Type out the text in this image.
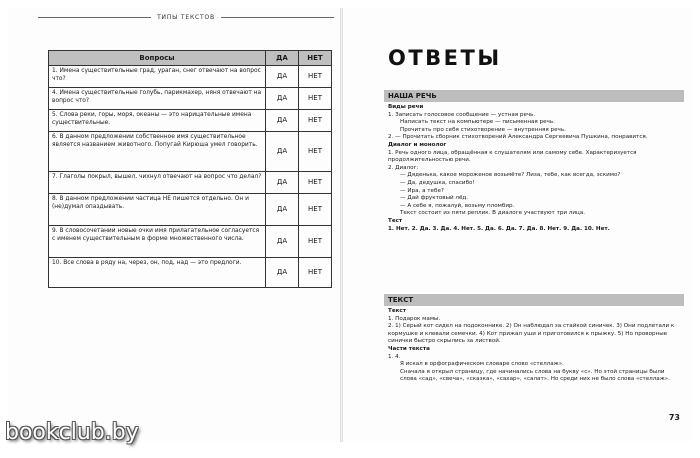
ТИПЫ ТЕКСТОВ
Вопросы	ДА	НЕТ
1. Имена существительные град, ураган, снег отвечают на вопрос что?	ДА	НЕТ
4. Имена существительные голубь, парикмахер, няня отвечают на вопрос что?	ДА	НЕТ
5. Слова реки, горы, моря, океаны — это нарицательные имена существительные.	ДА	НЕТ
6. В данном предложении собственное имя существительное является названием животного. Попугай Кирюша умел говорить.	ДА	НЕТ
7. Глаголы покрыл, вышел, чихнул отвечают на вопрос что делал?	ДА	НЕТ
8. В данном предложении частица НЕ пишется отдельно. Он и (не)думал опаздывать.	ДА	НЕТ
9. В словосочетании новые очки имя прилагательное согласуется с именем существительным в форме множественного числа.	ДА	НЕТ
10. Все слова в ряду на, через, он, под, над — это предлоги.	ДА	НЕТ
ОТВЕТЫ
НАША РЕЧЬ

Виды речи

1. Записать голосовое сообщение — устная речь.

Написать текст на компьютере — письменная речь.

Прочитать про себя стихотворение — внутренняя речь.

2. — Прочитать сборник стихотворений Александра Сергеевича Пушкина, понравится.

Диалог и монолог

1. Речь одного лица, обращённая к слушателям или самому себе. Характеризуется продолжительностью речи.

2. Диалог:

— Дяденька, какое мороженое возьмёте? Лиза, тебе, как всегда, эскимо?

— Да, дедушка, спасибо!

— Ира, а тебе?

— Дай фруктовый лёд.

— А себе я, пожалуй, возьму пломбир.

Текст состоит из пяти реплик. В диалоге участвуют три лица.

Тест

1. Нет. 2. Да. 3. Да. 4. Нет. 5. Да. 6. Да. 7. Да. 8. Нет. 9. Да. 10. Нет.

ТЕКСТ

Текст

1. Подарок мамы.

2. 1) Серый кот сидел на подоконнике. 2) Он наблюдал за стайкой синичек. 3) Они подлетали к кормушке и клевали семечки. 4) Кот прижал уши и приготовился к прыжку. 5) Но проворные синички быстро скрылись за листвой.

Части текста

1. 4.

Я искал в орфографическом словаре слово «стеллаж».

Сначала я открыл страницу, где начинались слова на букву «с». Но этой страницы были слова «сад», «свеча», «сказка», «сахар», «салат». Но среди них не было слова «стеллаж».

73
bookclub.by
